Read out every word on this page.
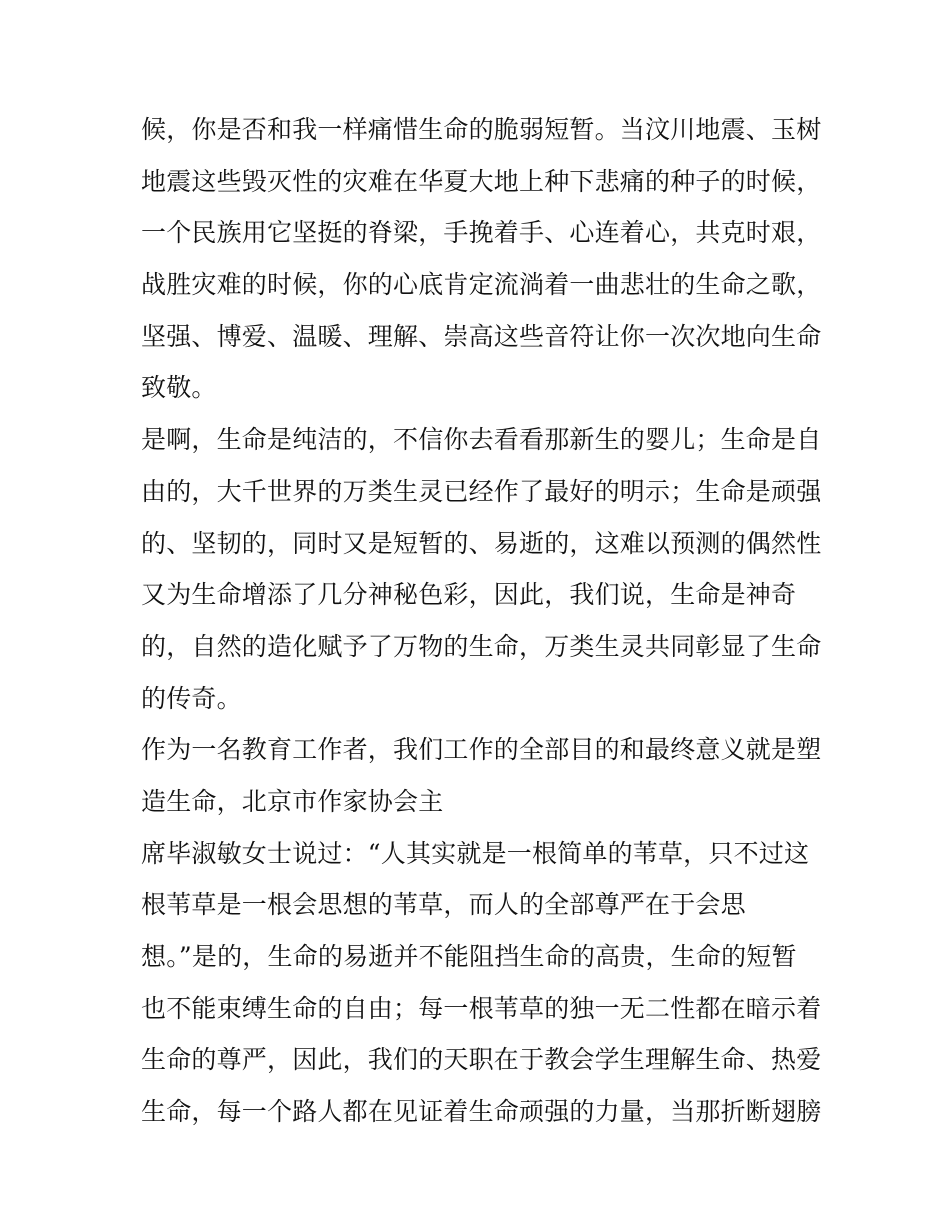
候，你是否和我一样痛惜生命的脆弱短暂。当汶川地震、玉树
地震这些毁灭性的灾难在华夏大地上种下悲痛的种子的时候，
一个民族用它坚挺的脊梁，手挽着手、心连着心，共克时艰，
战胜灾难的时候，你的心底肯定流淌着一曲悲壮的生命之歌，
坚强、博爱、温暖、理解、崇高这些音符让你一次次地向生命
致敬。
是啊，生命是纯洁的，不信你去看看那新生的婴儿；生命是自
由的，大千世界的万类生灵已经作了最好的明示；生命是顽强
的、坚韧的，同时又是短暂的、易逝的，这难以预测的偶然性
又为生命增添了几分神秘色彩，因此，我们说，生命是神奇
的，自然的造化赋予了万物的生命，万类生灵共同彰显了生命
的传奇。
作为一名教育工作者，我们工作的全部目的和最终意义就是塑
造生命，北京市作家协会主
席毕淑敏女士说过：“人其实就是一根简单的苇草，只不过这
根苇草是一根会思想的苇草，而人的全部尊严在于会思
想。”是的，生命的易逝并不能阻挡生命的高贵，生命的短暂
也不能束缚生命的自由；每一根苇草的独一无二性都在暗示着
生命的尊严，因此，我们的天职在于教会学生理解生命、热爱
生命，每一个路人都在见证着生命顽强的力量，当那折断翅膀
